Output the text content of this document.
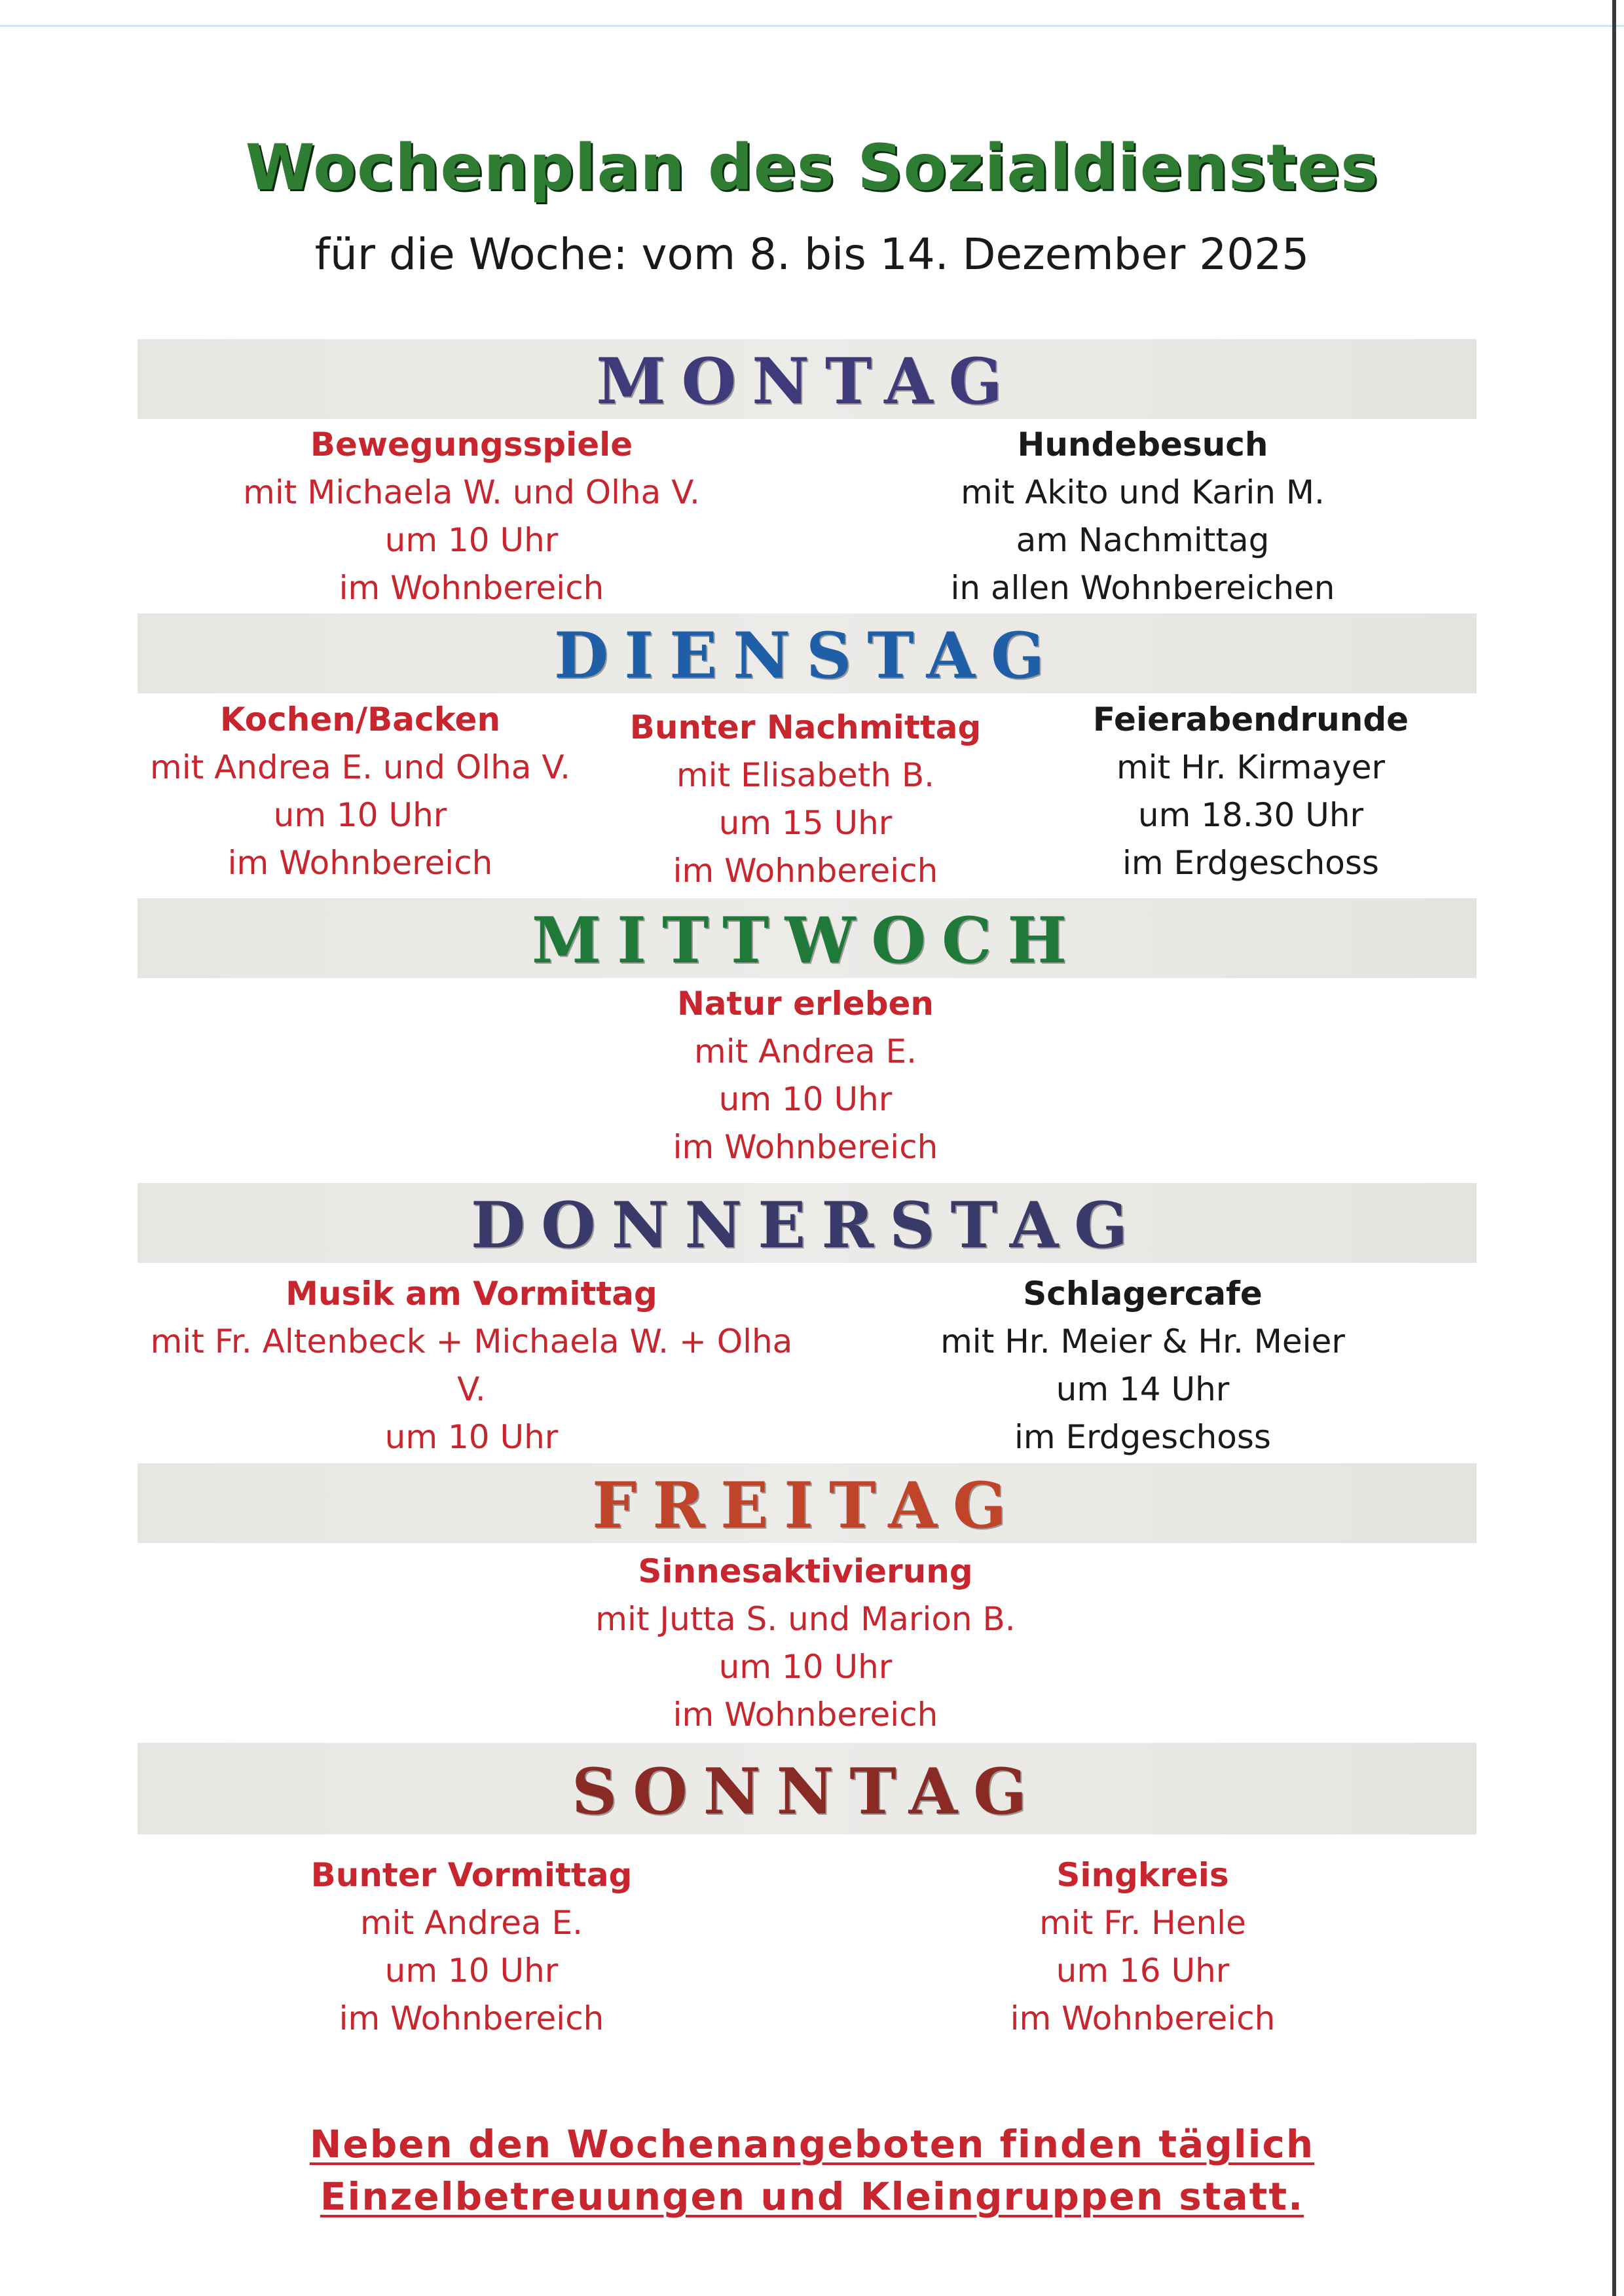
Wochenplan des Sozialdienstes
für die Woche: vom 8. bis 14. Dezember 2025
MONTAG
Bewegungsspiele
mit Michaela W. und Olha V.
um 10 Uhr
im Wohnbereich
Hundebesuch
mit Akito und Karin M.
am Nachmittag
in allen Wohnbereichen
DIENSTAG
Kochen/Backen
mit Andrea E. und Olha V.
um 10 Uhr
im Wohnbereich
Bunter Nachmittag
mit Elisabeth B.
um 15 Uhr
im Wohnbereich
Feierabendrunde
mit Hr. Kirmayer
um 18.30 Uhr
im Erdgeschoss
MITTWOCH
Natur erleben
mit Andrea E.
um 10 Uhr
im Wohnbereich
DONNERSTAG
Musik am Vormittag
mit Fr. Altenbeck + Michaela W. + Olha V.
um 10 Uhr
Schlagercafe
mit Hr. Meier & Hr. Meier
um 14 Uhr
im Erdgeschoss
FREITAG
Sinnesaktivierung
mit Jutta S. und Marion B.
um 10 Uhr
im Wohnbereich
SONNTAG
Bunter Vormittag
mit Andrea E.
um 10 Uhr
im Wohnbereich
Singkreis
mit Fr. Henle
um 16 Uhr
im Wohnbereich
Neben den Wochenangeboten finden täglich
Einzelbetreuungen und Kleingruppen statt.
